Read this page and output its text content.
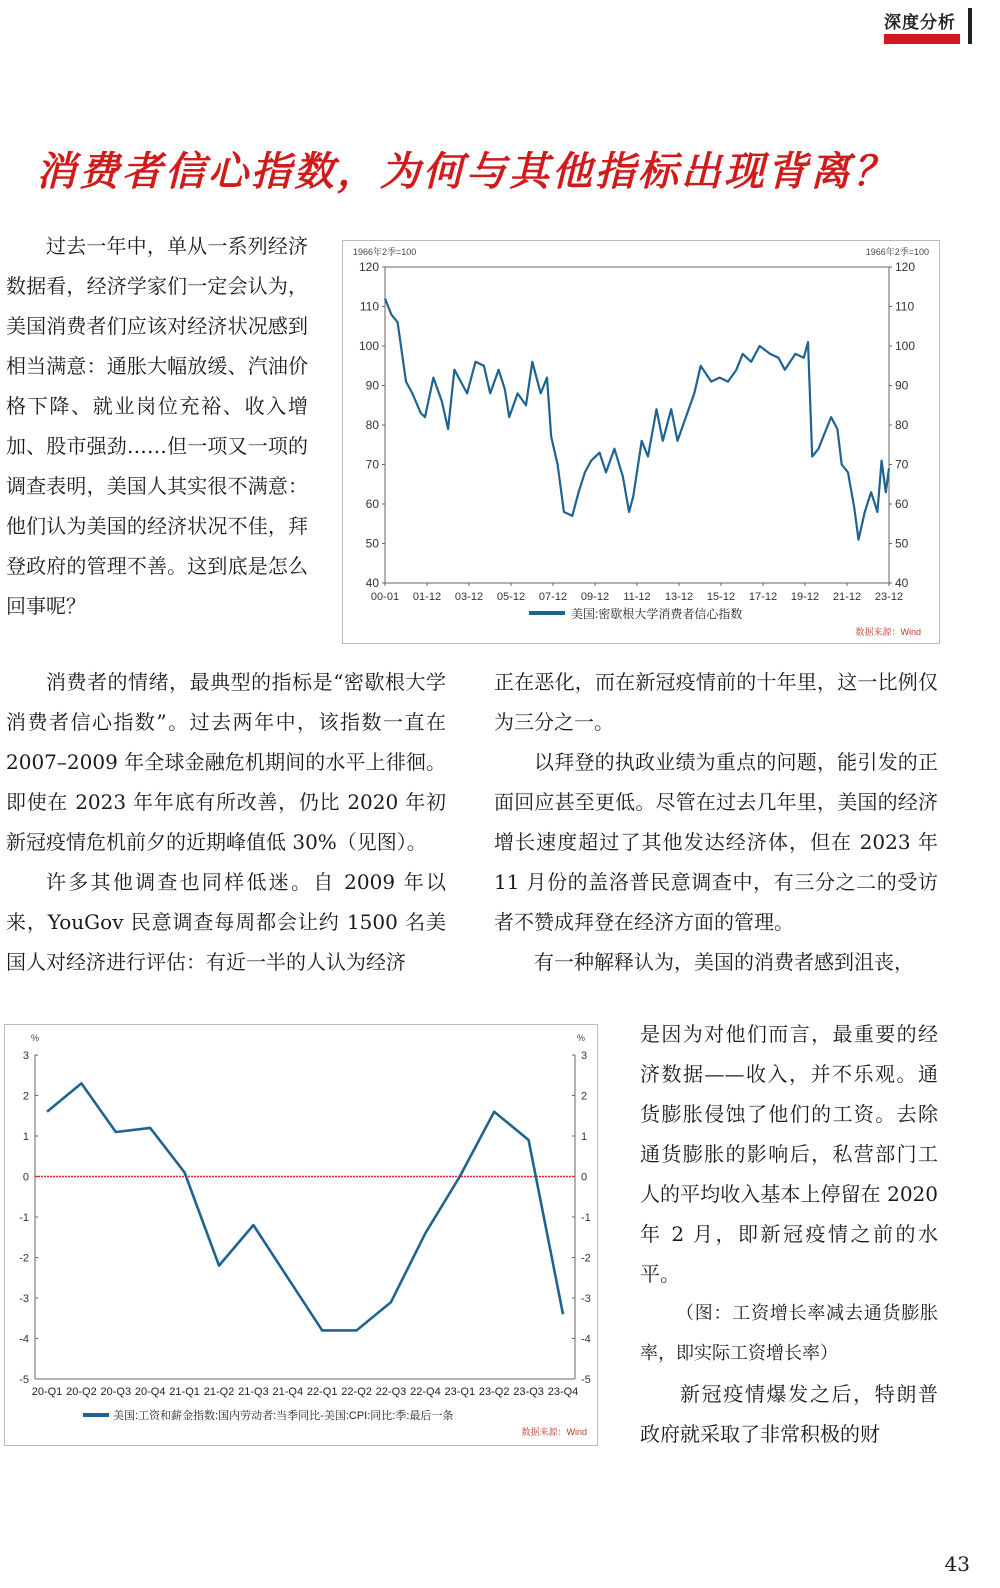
深度分析
消费者信心指数，为何与其他指标出现背离？

过去一年中，单从一系列经济数据看，经济学家们一定会认为，美国消费者们应该对经济状况感到相当满意：通胀大幅放缓、汽油价格下降、就业岗位充裕、收入增加、股市强劲……但一项又一项的调查表明，美国人其实很不满意：他们认为美国的经济状况不佳，拜登政府的管理不善。这到底是怎么回事呢？

1966年2季=100	1966年2季=100
40	40
50	50
60	60
70	70
80	80
90	90
100	100
110	110
120	120
00-01 01-12 03-12 05-12 07-12 09-12 11-12 13-12 15-12 17-12 19-12 21-12 23-12
美国:密歇根大学消费者信心指数
数据来源：Wind

消费者的情绪，最典型的指标是“密歇根大学消费者信心指数”。过去两年中，该指数一直在 2007–2009 年全球金融危机期间的水平上徘徊。即使在 2023 年年底有所改善，仍比 2020 年初新冠疫情危机前夕的近期峰值低 30%（见图）。

许多其他调查也同样低迷。自 2009 年以来，YouGov 民意调查每周都会让约 1500 名美国人对经济进行评估：有近一半的人认为经济

正在恶化，而在新冠疫情前的十年里，这一比例仅为三分之一。

以拜登的执政业绩为重点的问题，能引发的正面回应甚至更低。尽管在过去几年里，美国的经济增长速度超过了其他发达经济体，但在 2023 年 11 月份的盖洛普民意调查中，有三分之二的受访者不赞成拜登在经济方面的管理。

有一种解释认为，美国的消费者感到沮丧，

%	%
-5	-5
-4	-4
-3	-3
-2	-2
-1	-1
0	0
1	1
2	2
3	3
20-Q1 20-Q2 20-Q3 20-Q4 21-Q1 21-Q2 21-Q3 21-Q4 22-Q1 22-Q2 22-Q3 22-Q4 23-Q1 23-Q2 23-Q3 23-Q4
美国:工资和薪金指数:国内劳动者:当季同比-美国:CPI:同比:季:最后一条
数据来源：Wind

是因为对他们而言，最重要的经济数据——收入，并不乐观。通货膨胀侵蚀了他们的工资。去除通货膨胀的影响后，私营部门工人的平均收入基本上停留在 2020 年 2 月，即新冠疫情之前的水平。

（图：工资增长率减去通货膨胀率，即实际工资增长率）

新冠疫情爆发之后，特朗普政府就采取了非常积极的财

43
